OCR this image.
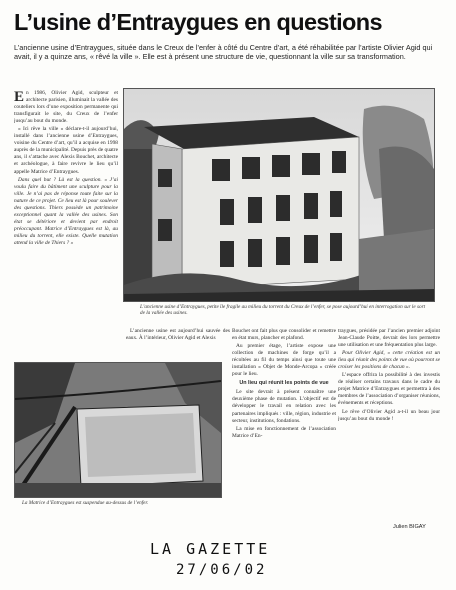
L’usine d’Entraygues en questions

L’ancienne usine d’Entraygues, située dans le Creux de l’enfer à côté du Centre d’art, a été réhabilitée par l’artiste Olivier Agid qui avait, il y a quinze ans, « rêvé la ville ». Elle est à présent une structure de vie, questionnant la ville sur sa transformation.

En 1986, Olivier Agid, sculpteur et architecte parisien, illuminait la vallée des couteliers lors d’une exposition permanente qui transfigurait le site, du Creux de l’enfer jusqu’au bout du monde.

« Ici rêve la ville » déclare-t-il aujourd’hui, installé dans l’ancienne usine d’Entraygues, voisine du Centre d’art, qu’il a acquise en 1998 auprès de la municipalité. Depuis près de quatre ans, il s’attache avec Alexis Bouchet, architecte et archéologue, à faire revivre le lieu qu’il appelle Matrice d’Entraygues.

Dans quel but ? Là est la question. « J’ai voulu faire du bâtiment une sculpture pour la ville. Je n’ai pas de réponse toute faite sur la nature de ce projet. Ce lieu est là pour soulever des questions. Thiers possède un patrimoine exceptionnel quant la vallée des usines. Son état se détériore et devient par endroit préoccupant. Matrice d’Entraygues est là, au milieu du torrent, elle existe. Quelle mutation attend la ville de Thiers ? »

L’ancienne usine d’Entraygues, petite île fragile au milieu du torrent du Creux de l’enfer, se pose aujourd’hui en interrogation sur le sort de la vallée des usines.
La Matrice d’Entraygues est suspendue au-dessus de l’enfer.

L’ancienne usine est aujourd’hui sauvée des eaux. À l’intérieur, Olivier Agid et Alexis

Bouchet ont fait plus que consolider et remettre en état murs, plancher et plafond.

Au premier étage, l’artiste expose une collection de machines de forge qu’il a récoltées au fil du temps ainsi que toute une installation « Objet de Monde-Arcopa » créée pour le lieu.

Un lieu qui réunit les points de vue

Le site devrait à présent connaître une deuxième phase de mutation. L’objectif est de développer le travail en relation avec les partenaires impliqués : ville, région, industrie et secteur, institutions, fondations.

La mise en fonctionnement de l’association Matrice d’En-

traygues, présidée par l’ancien premier adjoint Jean-Claude Poitte, devrait des lors permettre une utilisation et une fréquentation plus large.

Pour Olivier Agid, « cette création est un lieu qui réunit des points de vue où pourront se croiser les positions de chacun ».

L’espace offrira la possibilité à des investis de réaliser certains travaux dans le cadre du projet Matrice d’Entraygues et permettra à des membres de l’association d’organiser réunions, événements et réceptions.

Le rêve d’Olivier Agid a-t-il un beau jour jusqu’au bout du monde !

Julien BIGAY
LA GAZETTE
27/06/02
